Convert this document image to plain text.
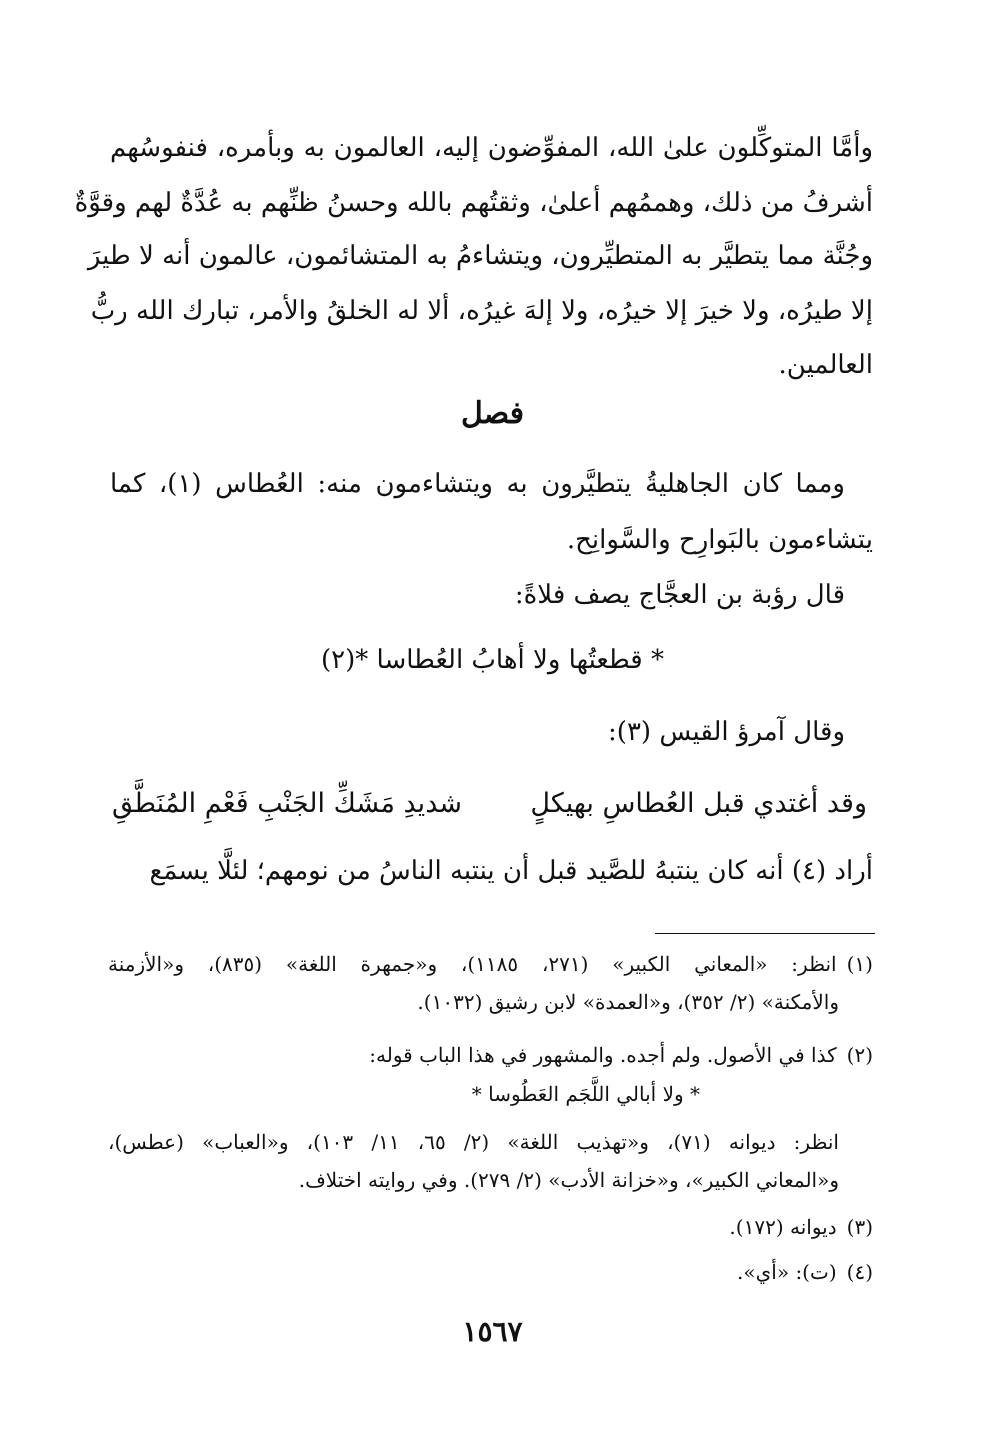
وأمَّا المتوكِّلون علىٰ الله، المفوِّضون إليه، العالمون به وبأمره، فنفوسُهم
أشرفُ من ذلك، وهممُهم أعلىٰ، وثقتُهم بالله وحسنُ ظنِّهم به عُدَّةٌ لهم وقوَّةٌ
وجُنَّة مما يتطيَّر به المتطيِّرون، ويتشاءمُ به المتشائمون، عالمون أنه لا طيرَ
إلا طيرُه، ولا خيرَ إلا خيرُه، ولا إلهَ غيرُه، ألا له الخلقُ والأمر، تبارك الله ربُّ
العالمين.
فصل
ومما كان الجاهليةُ يتطيَّرون به ويتشاءمون منه: العُطاس (١)، كما
يتشاءمون بالبَوارِح والسَّوانِح.
قال رؤبة بن العجَّاج يصف فلاةً:
* قطعتُها ولا أهابُ العُطاسا *(٢)
وقال آمرؤ القيس (٣):
وقد أغتدي قبل العُطاسِ بهيكلٍ
شديدِ مَشَكِّ الجَنْبِ فَعْمِ المُنَطَّقِ
أراد (٤) أنه كان ينتبهُ للصَّيد قبل أن ينتبه الناسُ من نومهم؛ لئلَّا يسمَع
(١)انظر: «المعاني الكبير» (٢٧١، ١١٨٥)، و«جمهرة اللغة» (٨٣٥)، و«الأزمنة
والأمكنة» (٢/ ٣٥٢)، و«العمدة» لابن رشيق (١٠٣٢).
(٢)كذا في الأصول. ولم أجده. والمشهور في هذا الباب قوله:
* ولا أبالي اللَّجَم العَطُوسا *
انظر: ديوانه (٧١)، و«تهذيب اللغة» (٢/ ٦٥، ١١/ ١٠٣)، و«العباب» (عطس)،
و«المعاني الكبير»، و«خزانة الأدب» (٢/ ٢٧٩). وفي روايته اختلاف.
(٣)ديوانه (١٧٢).
(٤)(ت): «أي».
١٥٦٧
